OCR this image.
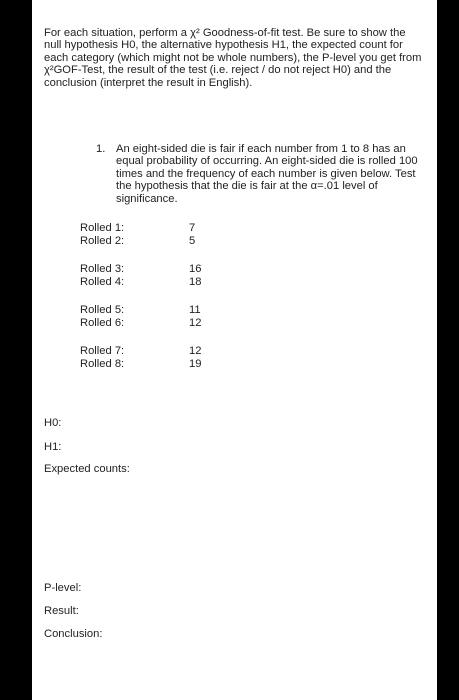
For each situation, perform a χ² Goodness-of-fit test. Be sure to show the null hypothesis H0, the alternative hypothesis H1, the expected count for each category (which might not be whole numbers), the P-level you get from χ²GOF-Test, the result of the test (i.e. reject / do not reject H0) and the conclusion (interpret the result in English).

1. An eight-sided die is fair if each number from 1 to 8 has an equal probability of occurring. An eight-sided die is rolled 100 times and the frequency of each number is given below. Test the hypothesis that the die is fair at the α=.01 level of significance.
Rolled 1:	7
Rolled 2:	5
Rolled 3:	16
Rolled 4:	18
Rolled 5:	11
Rolled 6:	12
Rolled 7:	12
Rolled 8:	19
H0:
H1:
Expected counts:
P-level:
Result:
Conclusion:
